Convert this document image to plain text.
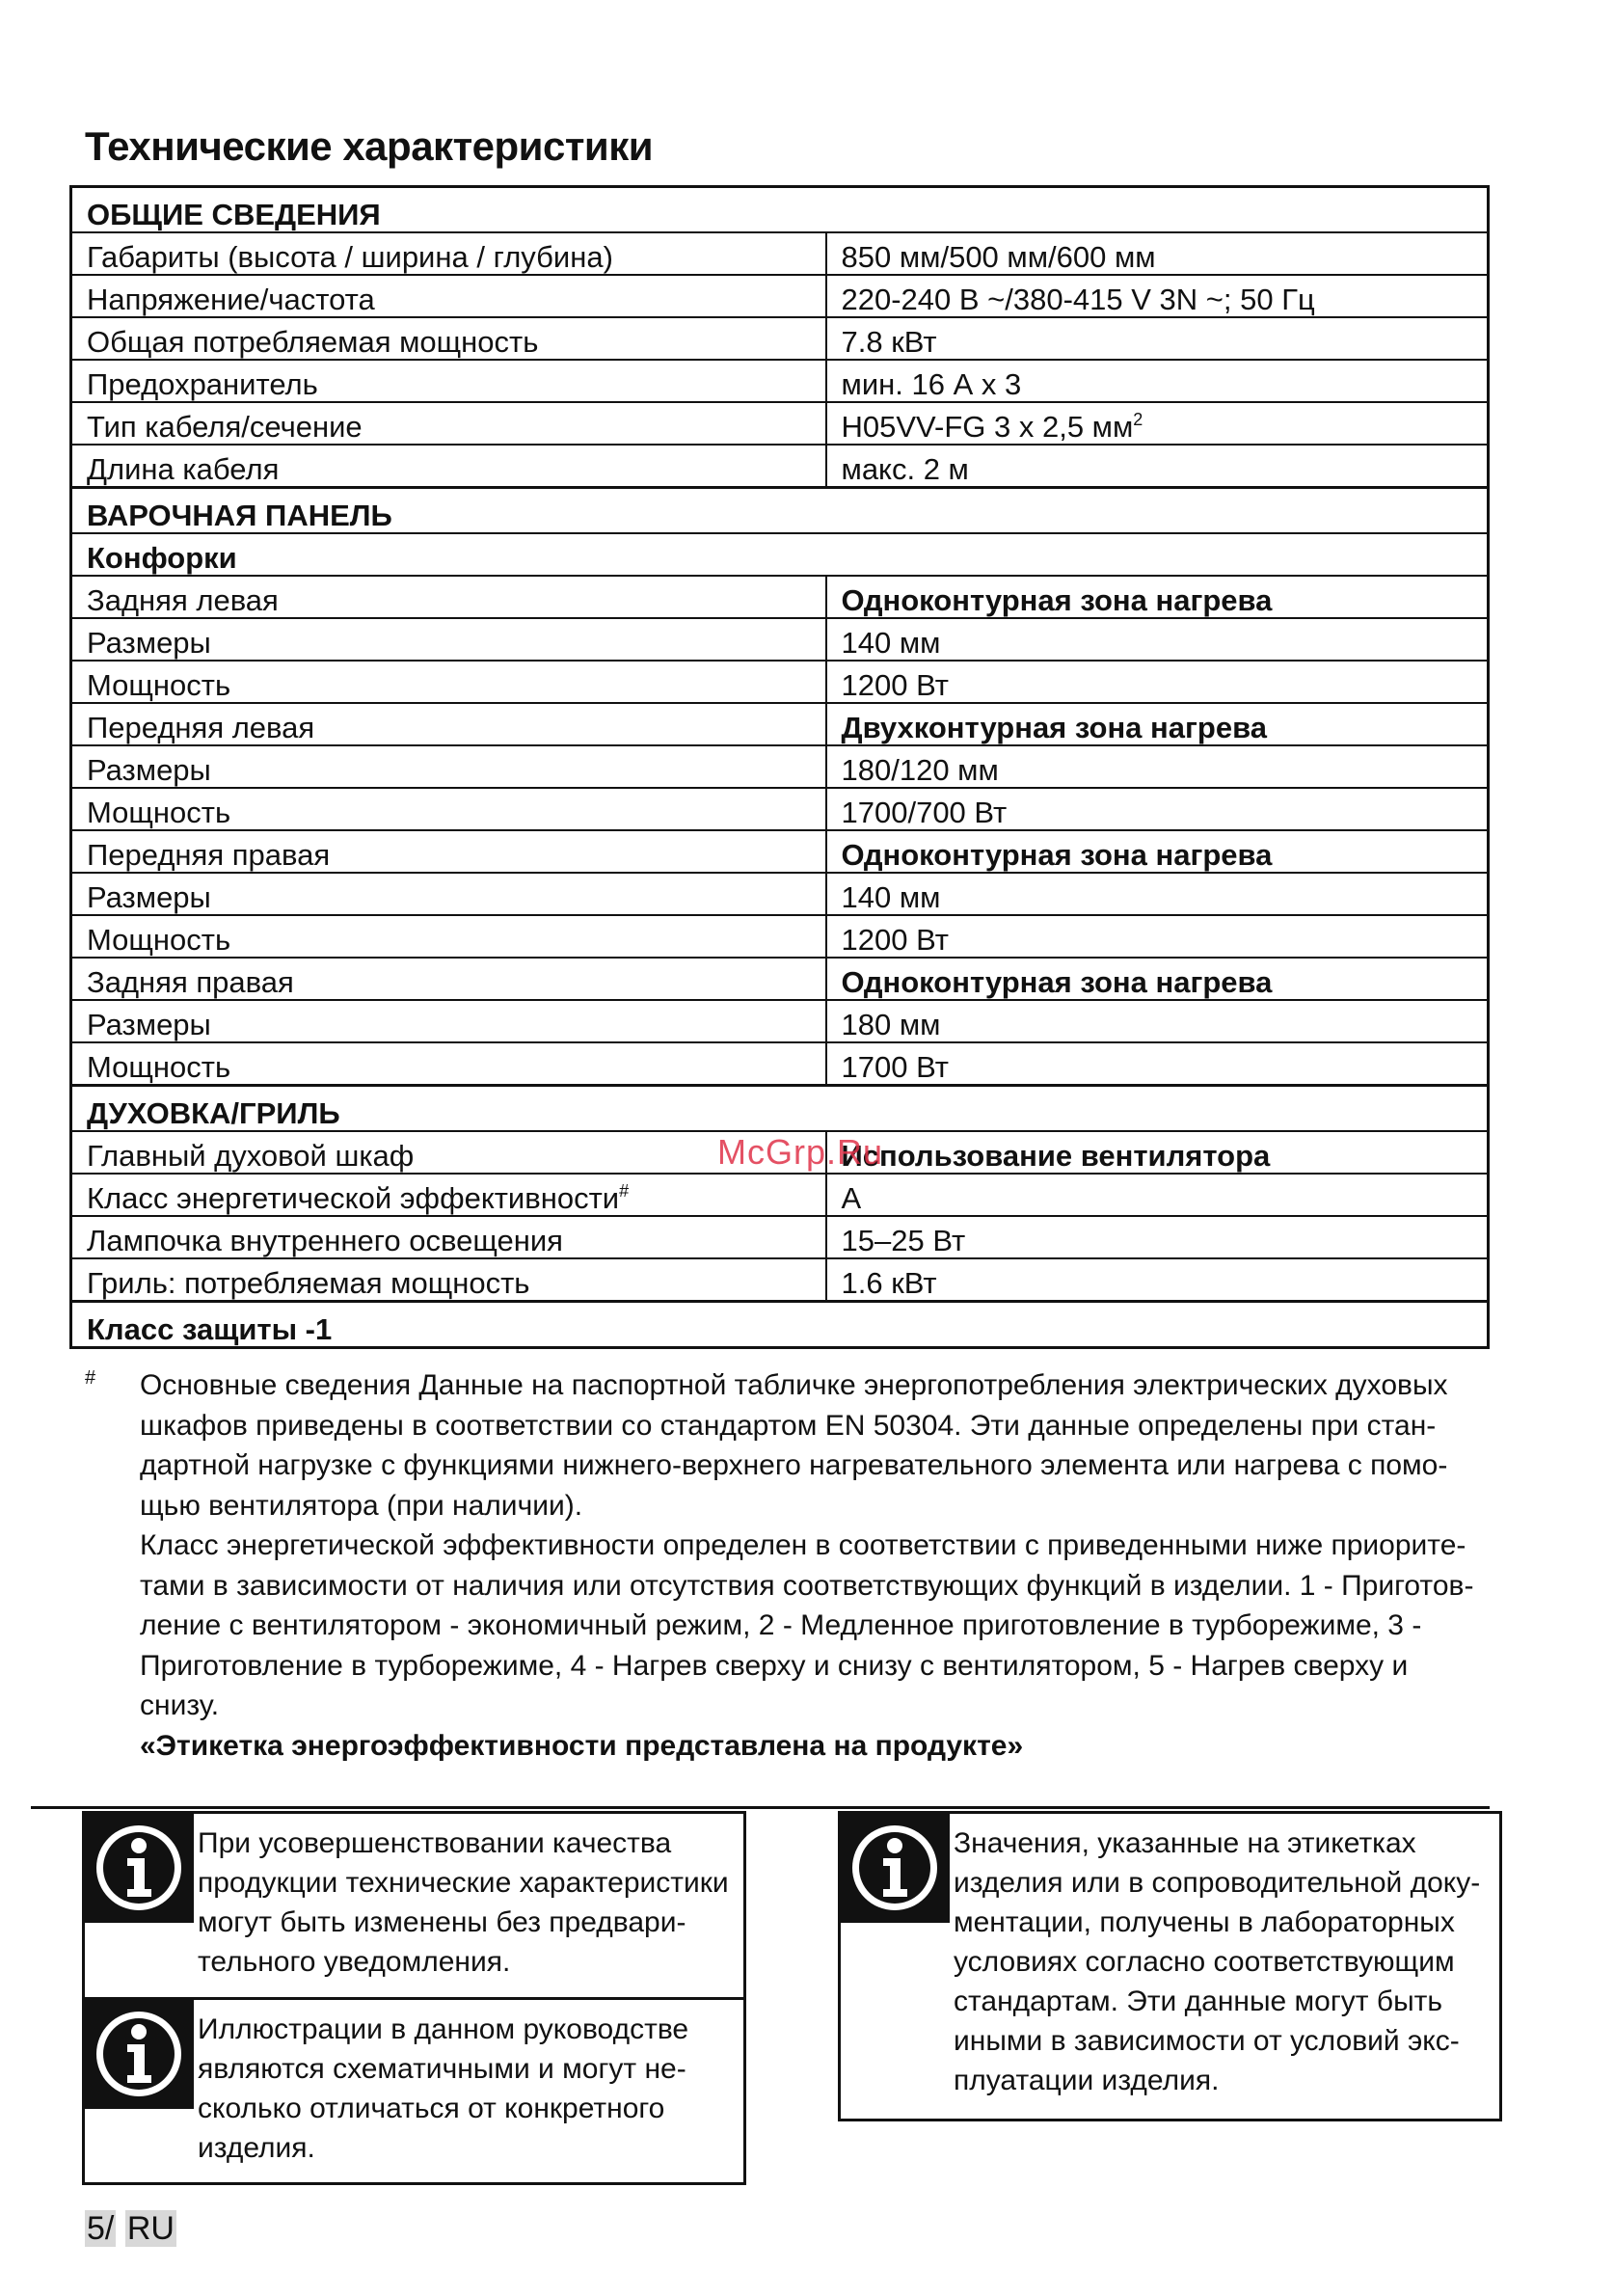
Технические характеристики
ОБЩИЕ СВЕДЕНИЯ	
Габариты (высота / ширина / глубина)	850 мм/500 мм/600 мм
Напряжение/частота	220-240 В ~/380-415 V 3N ~; 50 Гц
Общая потребляемая мощность	7.8 кВт
Предохранитель	мин. 16 А х 3
Тип кабеля/сечение	H05VV-FG 3 x 2,5 $мм^2$
Длина кабеля	макс. 2 м
ВАРОЧНАЯ ПАНЕЛЬ	
Конфорки	
Задняя левая	Одноконтурная зона нагрева
Размеры	140 мм
Мощность	1200 Вт
Передняя левая	Двухконтурная зона нагрева
Размеры	180/120 мм
Мощность	1700/700 Вт
Передняя правая	Одноконтурная зона нагрева
Размеры	140 мм
Мощность	1200 Вт
Задняя правая	Одноконтурная зона нагрева
Размеры	180 мм
Мощность	1700 Вт
ДУХОВКА/ГРИЛЬ	
Главный духовой шкаф	Использование вентилятора
Класс энергетической эффективности#	A
Лампочка внутреннего освещения	15–25 Вт
Гриль: потребляемая мощность	1.6 кВт
Класс защиты -1	
McGrp.Ru
# Основные сведения Данные на паспортной табличке энергопотребления электрических духовых шкафов приведены в соответствии со стандартом EN 50304. Эти данные определены при стан-дартной нагрузке с функциями нижнего-верхнего нагревательного элемента или нагрева с помо-щью вентилятора (при наличии).

Класс энергетической эффективности определен в соответствии с приведенными ниже приорите-тами в зависимости от наличия или отсутствия соответствующих функций в изделии. 1 - Приготов-ление с вентилятором - экономичный режим, 2 - Медленное приготовление в турборежиме, 3 - Приготовление в турборежиме, 4 - Нагрев сверху и снизу с вентилятором, 5 - Нагрев сверху и снизу.

«Этикетка энергоэффективности представлена на продукте»

При усовершенствовании качества продукции технические характеристики могут быть изменены без предвари-тельного уведомления.
Иллюстрации в данном руководстве являются схематичными и могут не-сколько отличаться от конкретного изделия.
Значения, указанные на этикетках изделия или в сопроводительной доку-ментации, получены в лабораторных условиях согласно соответствующим стандартам. Эти данные могут быть иными в зависимости от условий экс-плуатации изделия.
5/ RU
